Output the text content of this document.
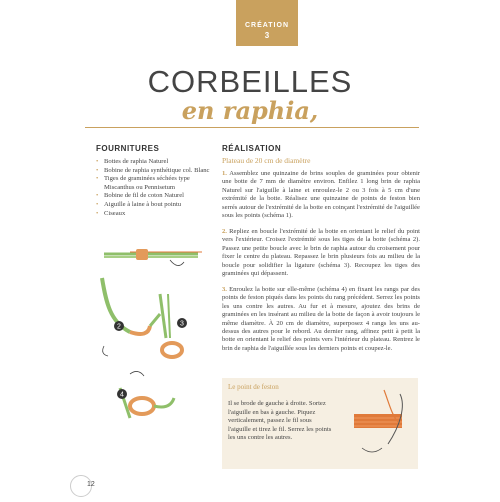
CRÉATION
3
CORBEILLES
en raphia,
FOURNITURES
• Bottes de raphia Naturel
• Bobine de raphia synthétique col. Blanc
• Tiges de graminées séchées type Miscanthus ou Pennisetum
• Bobine de fil de coton Naturel
• Aiguille à laine à bout pointu
• Ciseaux
RÉALISATION
Plateau de 20 cm de diamètre

1. Assemblez une quinzaine de brins souples de graminées pour obtenir une botte de 7 mm de diamètre environ. Enfilez 1 long brin de raphia Naturel sur l'aiguille à laine et enroulez-le 2 ou 3 fois à 5 cm d'une extrémité de la botte. Réalisez une quinzaine de points de feston bien serrés autour de l'extrémité de la botte en coinçant l'extrémité de l'aiguillée sous les points (schéma 1).

2. Repliez en boucle l'extrémité de la botte en orientant le relief du point vers l'extérieur. Croisez l'extrémité sous les tiges de la botte (schéma 2). Passez une petite boucle avec le brin de raphia autour du croisement pour fixer le centre du plateau. Repassez le brin plusieurs fois au milieu de la boucle pour solidifier la ligature (schéma 3). Recoupez les tiges des graminées qui dépassent.

3. Enroulez la botte sur elle-même (schéma 4) en fixant les rangs par des points de feston piqués dans les points du rang précédent. Serrez les points les uns contre les autres. Au fur et à mesure, ajoutez des brins de graminées en les insérant au milieu de la botte de façon à avoir toujours le même diamètre. À 20 cm de diamètre, superposez 4 rangs les uns au-dessus des autres pour le rebord. Au dernier rang, affinez petit à petit la botte en orientant le relief des points vers l'intérieur du plateau. Rentrez le brin de raphia de l'aiguillée sous les derniers points et coupez-le.

2	3
4
Le point de feston
Il se brode de gauche à droite. Sortez l'aiguille en bas à gauche. Piquez verticalement, passez le fil sous l'aiguille et tirez le fil. Serrez les points les uns contre les autres.
12
